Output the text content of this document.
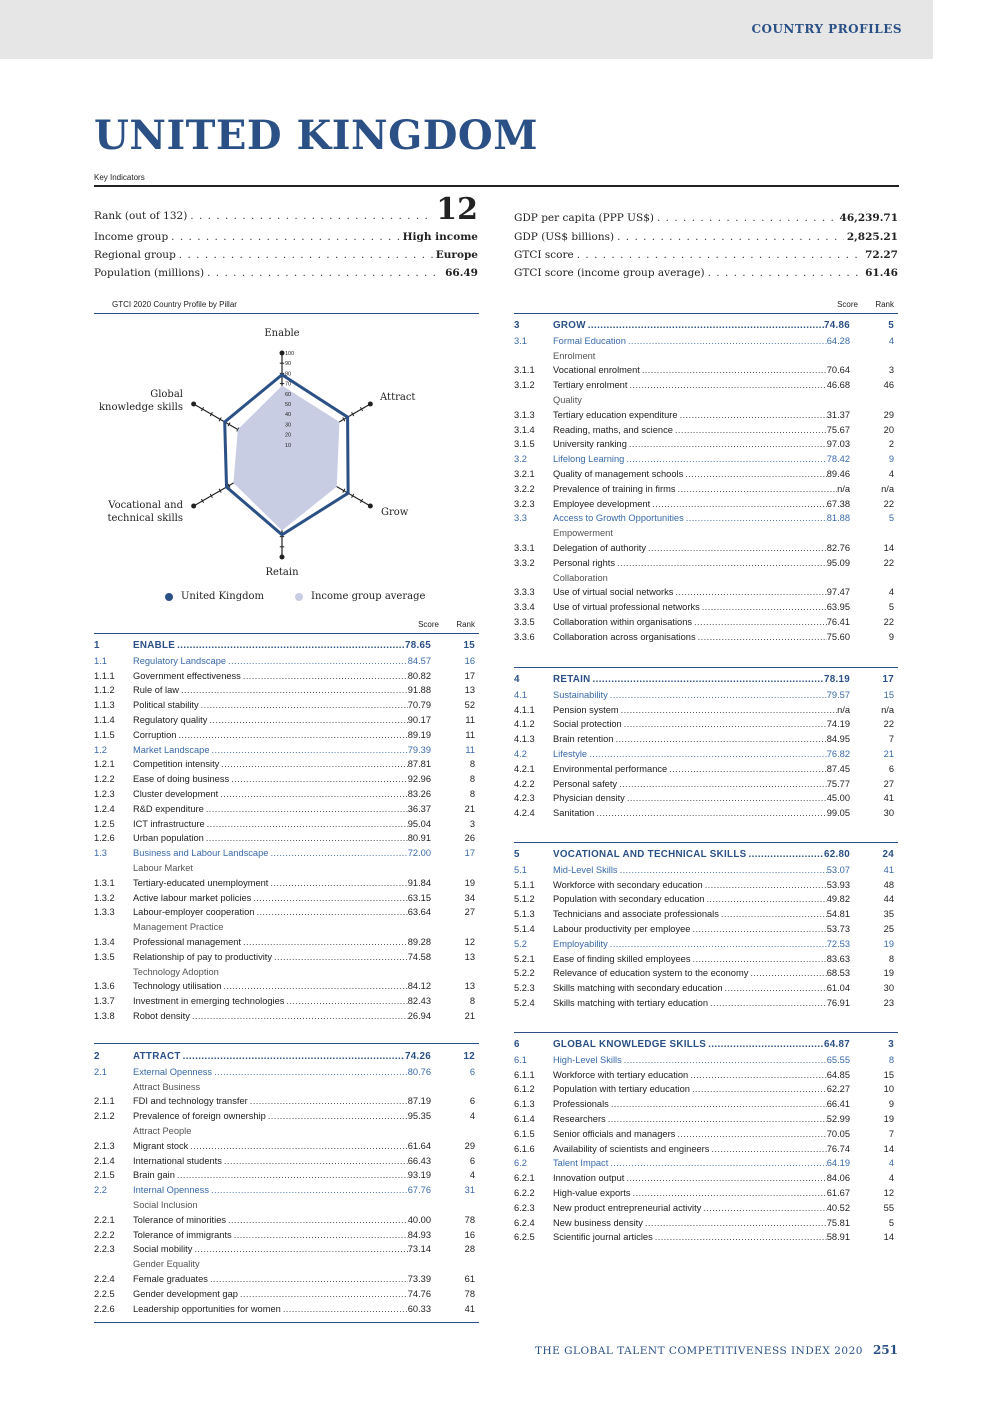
COUNTRY PROFILES
UNITED KINGDOM
Key Indicators
Rank (out of 132) . . .	12
Income group . . .	High income
Regional group . . .	Europe
Population (millions) . . .	66.49
GDP per capita (PPP US$) . . .	46,239.71
GDP (US$ billions) . . .	2,825.21
GTCI score . . .	72.27
GTCI score (income group average) . . .	61.46
GTCI 2020 Country Profile by Pillar	Score Rank
10
20
30
40
50
60
70
80
90
100
Enable
Attract
Grow
Retain
Vocational and technical skills
Global knowledge skills
United Kingdom	Income group average
Score Rank
1	ENABLE .....	78.65	15
1.1	Regulatory Landscape .....	84.57	16
1.1.1	Government effectiveness .....	80.82	17
1.1.2	Rule of law .....	91.88	13
1.1.3	Political stability .....	70.79	52
1.1.4	Regulatory quality .....	90.17	11
1.1.5	Corruption .....	89.19	11
1.2	Market Landscape .....	79.39	11
1.2.1	Competition intensity .....	87.81	8
1.2.2	Ease of doing business .....	92.96	8
1.2.3	Cluster development .....	83.26	8
1.2.4	R&D expenditure .....	36.37	21
1.2.5	ICT infrastructure .....	95.04	3
1.2.6	Urban population .....	80.91	26
1.3	Business and Labour Landscape .....	72.00	17
Labour Market
1.3.1	Tertiary-educated unemployment .....	91.84	19
1.3.2	Active labour market policies .....	63.15	34
1.3.3	Labour-employer cooperation .....	63.64	27
Management Practice
1.3.4	Professional management .....	89.28	12
1.3.5	Relationship of pay to productivity .....	74.58	13
Technology Adoption
1.3.6	Technology utilisation .....	84.12	13
1.3.7	Investment in emerging technologies .....	82.43	8
1.3.8	Robot density .....	26.94	21
2	ATTRACT .....	74.26	12
2.1	External Openness .....	80.76	6
Attract Business
2.1.1	FDI and technology transfer .....	87.19	6
2.1.2	Prevalence of foreign ownership .....	95.35	4
Attract People
2.1.3	Migrant stock .....	61.64	29
2.1.4	International students .....	66.43	6
2.1.5	Brain gain .....	93.19	4
2.2	Internal Openness .....	67.76	31
Social Inclusion
2.2.1	Tolerance of minorities .....	40.00	78
2.2.2	Tolerance of immigrants .....	84.93	16
2.2.3	Social mobility .....	73.14	28
Gender Equality
2.2.4	Female graduates .....	73.39	61
2.2.5	Gender development gap .....	74.76	78
2.2.6	Leadership opportunities for women .....	60.33	41
3	GROW .....	74.86	5
3.1	Formal Education .....	64.28	4
Enrolment
3.1.1	Vocational enrolment .....	70.64	3
3.1.2	Tertiary enrolment .....	46.68	46
Quality
3.1.3	Tertiary education expenditure .....	31.37	29
3.1.4	Reading, maths, and science .....	75.67	20
3.1.5	University ranking .....	97.03	2
3.2	Lifelong Learning .....	78.42	9
3.2.1	Quality of management schools .....	89.46	4
3.2.2	Prevalence of training in firms .....	n/a	n/a
3.2.3	Employee development .....	67.38	22
3.3	Access to Growth Opportunities .....	81.88	5
Empowerment
3.3.1	Delegation of authority .....	82.76	14
3.3.2	Personal rights .....	95.09	22
Collaboration
3.3.3	Use of virtual social networks .....	97.47	4
3.3.4	Use of virtual professional networks .....	63.95	5
3.3.5	Collaboration within organisations .....	76.41	22
3.3.6	Collaboration across organisations .....	75.60	9
4	RETAIN .....	78.19	17
4.1	Sustainability .....	79.57	15
4.1.1	Pension system .....	n/a	n/a
4.1.2	Social protection .....	74.19	22
4.1.3	Brain retention .....	84.95	7
4.2	Lifestyle .....	76.82	21
4.2.1	Environmental performance .....	87.45	6
4.2.2	Personal safety .....	75.77	27
4.2.3	Physician density .....	45.00	41
4.2.4	Sanitation .....	99.05	30
5	VOCATIONAL AND TECHNICAL SKILLS .....	62.80	24
5.1	Mid-Level Skills .....	53.07	41
5.1.1	Workforce with secondary education .....	53.93	48
5.1.2	Population with secondary education .....	49.82	44
5.1.3	Technicians and associate professionals .....	54.81	35
5.1.4	Labour productivity per employee .....	53.73	25
5.2	Employability .....	72.53	19
5.2.1	Ease of finding skilled employees .....	83.63	8
5.2.2	Relevance of education system to the economy .....	68.53	19
5.2.3	Skills matching with secondary education .....	61.04	30
5.2.4	Skills matching with tertiary education .....	76.91	23
6	GLOBAL KNOWLEDGE SKILLS .....	64.87	3
6.1	High-Level Skills .....	65.55	8
6.1.1	Workforce with tertiary education .....	64.85	15
6.1.2	Population with tertiary education .....	62.27	10
6.1.3	Professionals .....	66.41	9
6.1.4	Researchers .....	52.99	19
6.1.5	Senior officials and managers .....	70.05	7
6.1.6	Availability of scientists and engineers .....	76.74	14
6.2	Talent Impact .....	64.19	4
6.2.1	Innovation output .....	84.06	4
6.2.2	High-value exports .....	61.67	12
6.2.3	New product entrepreneurial activity .....	40.52	55
6.2.4	New business density .....	75.81	5
6.2.5	Scientific journal articles .....	58.91	14
THE GLOBAL TALENT COMPETITIVENESS INDEX 2020 251
